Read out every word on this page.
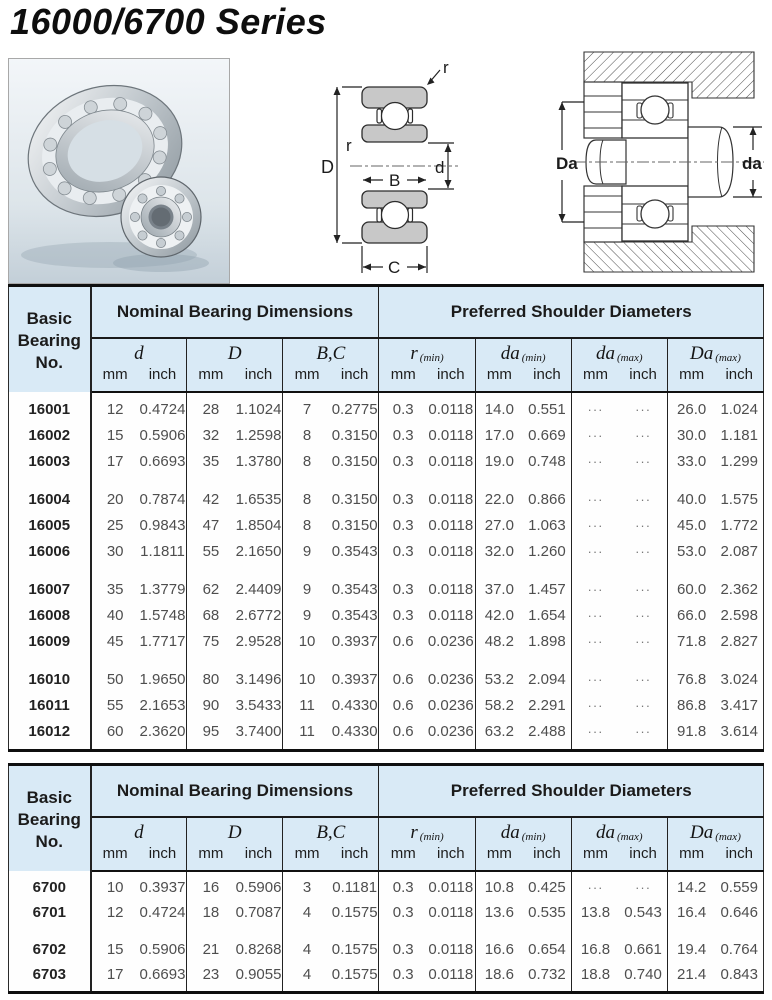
16000/6700 Series
r
r
D
B
d
C
Da	da
Basic Bearing No.	Nominal Bearing Dimensions			Preferred Shoulder Diameters			

d
mm	inch

D
mm	inch

B,C
mm	inch

r (min)
mm	inch

da (min)
mm	inch

da (max)
mm	inch

Da (max)
mm	inch

16001	12 0.4724	28 1.1024	7 0.2775	0.3 0.0118	14.0 0.551	··· ···	26.0 1.024

16002	15 0.5906	32 1.2598	8 0.3150	0.3 0.0118	17.0 0.669	··· ···	30.0 1.181

16003	17 0.6693	35 1.3780	8 0.3150	0.3 0.0118	19.0 0.748	··· ···	33.0 1.299

16004	20 0.7874	42 1.6535	8 0.3150	0.3 0.0118	22.0 0.866	··· ···	40.0 1.575

16005	25 0.9843	47 1.8504	8 0.3150	0.3 0.0118	27.0 1.063	··· ···	45.0 1.772

16006	30 1.1811	55 2.1650	9 0.3543	0.3 0.0118	32.0 1.260	··· ···	53.0 2.087

16007	35 1.3779	62 2.4409	9 0.3543	0.3 0.0118	37.0 1.457	··· ···	60.0 2.362

16008	40 1.5748	68 2.6772	9 0.3543	0.3 0.0118	42.0 1.654	··· ···	66.0 2.598

16009	45 1.7717	75 2.9528	10 0.3937	0.6 0.0236	48.2 1.898	··· ···	71.8 2.827

16010	50 1.9650	80 3.1496	10 0.3937	0.6 0.0236	53.2 2.094	··· ···	76.8 3.024

16011	55 2.1653	90 3.5433	11 0.4330	0.6 0.0236	58.2 2.291	··· ···	86.8 3.417

16012	60 2.3620	95 3.7400	11 0.4330	0.6 0.0236	63.2 2.488	··· ···	91.8 3.614

Basic Bearing No.	Nominal Bearing Dimensions			Preferred Shoulder Diameters			

d
mm	inch

D
mm	inch

B,C
mm	inch

r (min)
mm	inch

da (min)
mm	inch

da (max)
mm	inch

Da (max)
mm	inch

6700	10 0.3937	16 0.5906	3 0.1181	0.3 0.0118	10.8 0.425	··· ···	14.2 0.559

6701	12 0.4724	18 0.7087	4 0.1575	0.3 0.0118	13.6 0.535	13.8 0.543	16.4 0.646

6702	15 0.5906	21 0.8268	4 0.1575	0.3 0.0118	16.6 0.654	16.8 0.661	19.4 0.764

6703	17 0.6693	23 0.9055	4 0.1575	0.3 0.0118	18.6 0.732	18.8 0.740	21.4 0.843
